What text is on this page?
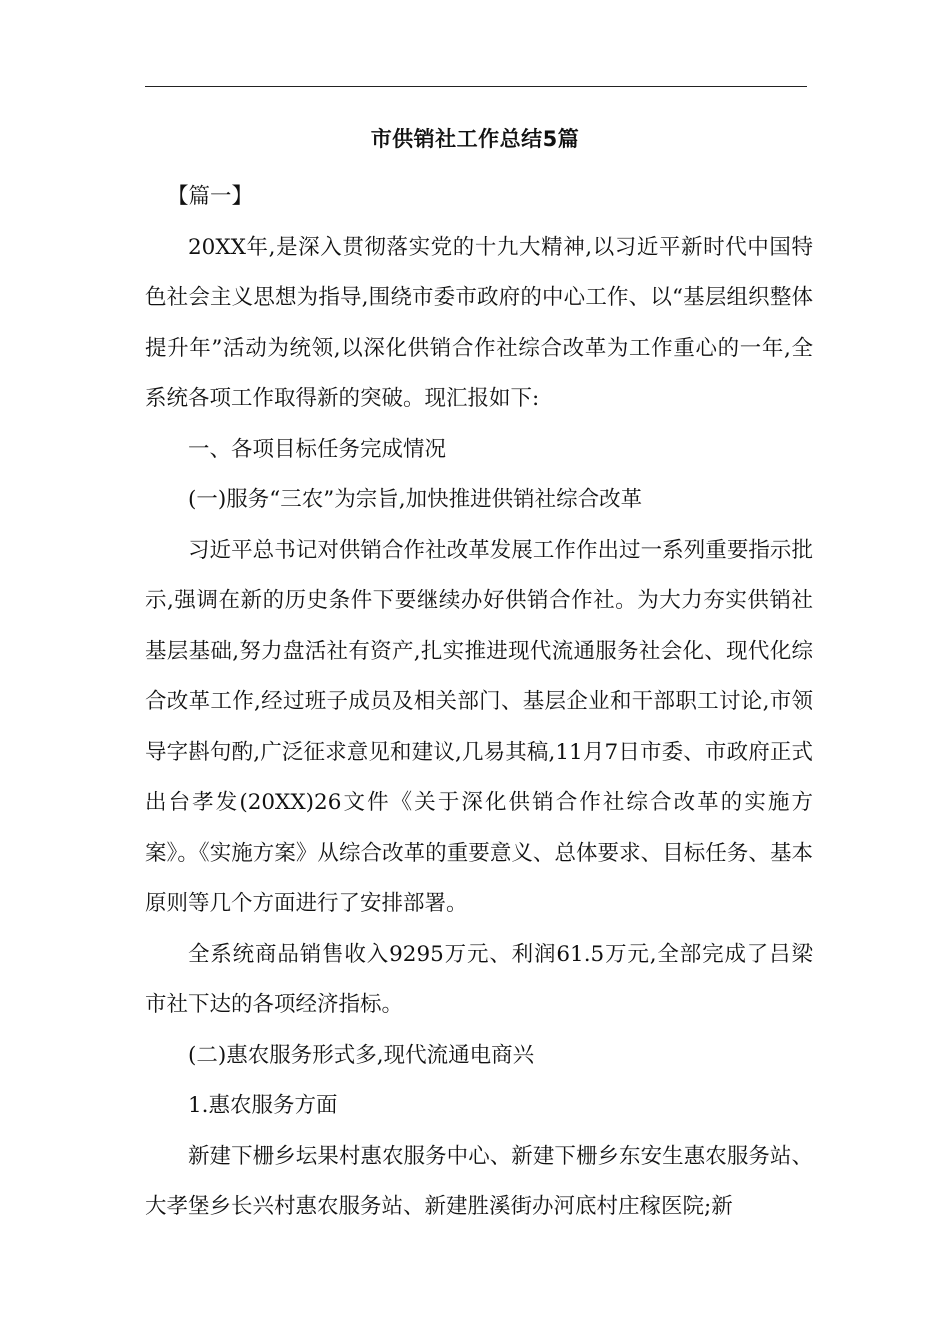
市供销社工作总结5篇

【篇一】

20XX年,是深入贯彻落实党的十九大精神,以习近平新时代中国特色社会主义思想为指导,围绕市委市政府的中心工作、以“基层组织整体提升年”活动为统领,以深化供销合作社综合改革为工作重心的一年,全系统各项工作取得新的突破。现汇报如下:

一、各项目标任务完成情况

(一)服务“三农”为宗旨,加快推进供销社综合改革

习近平总书记对供销合作社改革发展工作作出过一系列重要指示批示,强调在新的历史条件下要继续办好供销合作社。为大力夯实供销社基层基础,努力盘活社有资产,扎实推进现代流通服务社会化、现代化综合改革工作,经过班子成员及相关部门、基层企业和干部职工讨论,市领导字斟句酌,广泛征求意见和建议,几易其稿,11月7日市委、市政府正式出台孝发(20XX)26文件《关于深化供销合作社综合改革的实施方案》。《实施方案》从综合改革的重要意义、总体要求、目标任务、基本原则等几个方面进行了安排部署。

全系统商品销售收入9295万元、利润61.5万元,全部完成了吕梁市社下达的各项经济指标。

(二)惠农服务形式多,现代流通电商兴

1.惠农服务方面

新建下栅乡坛果村惠农服务中心、新建下栅乡东安生惠农服务站、大孝堡乡长兴村惠农服务站、新建胜溪街办河底村庄稼医院;新
